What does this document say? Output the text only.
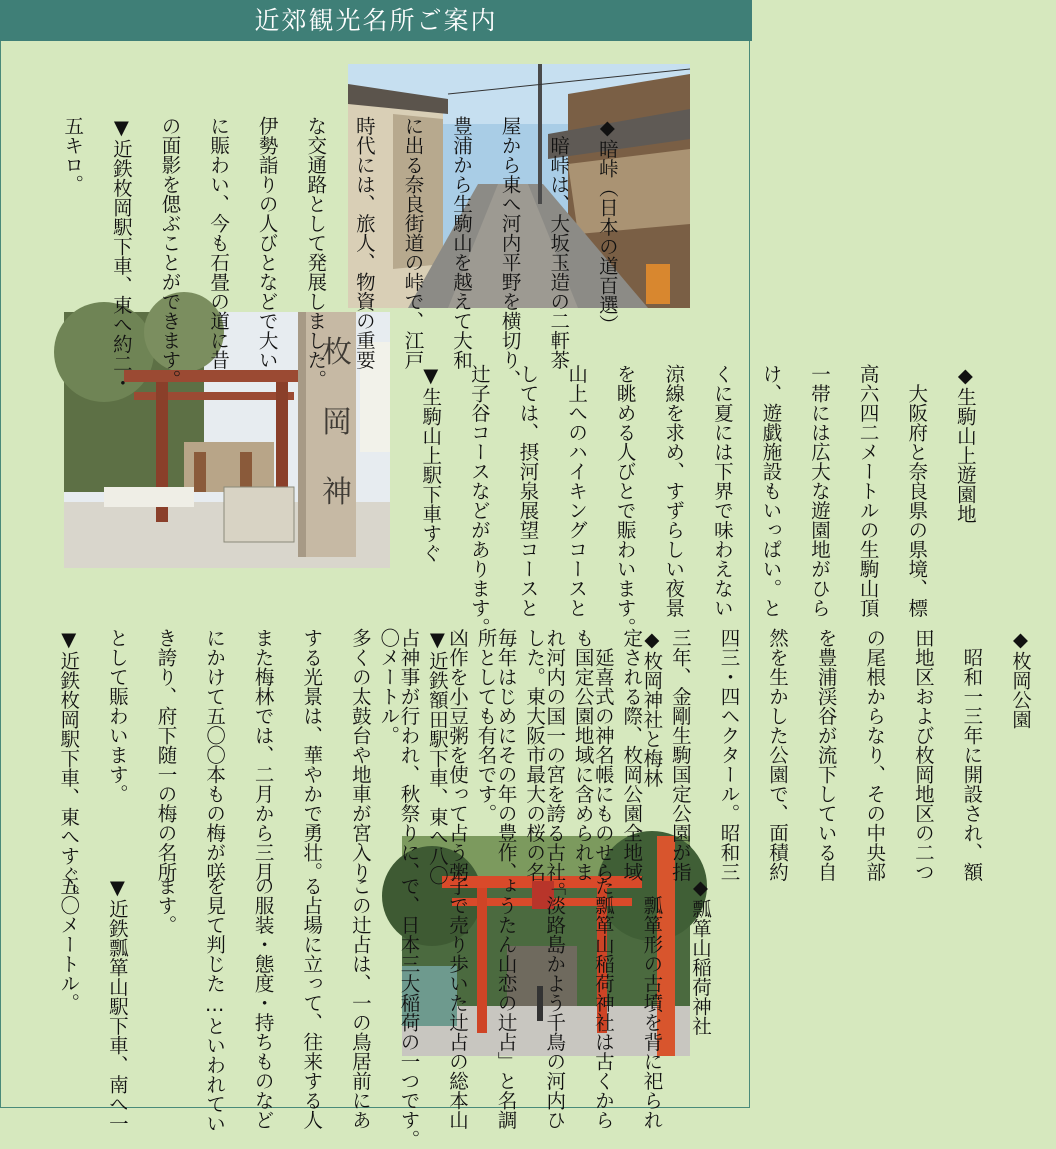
近郊観光名所ご案内
枚
岡
神

◆暗峠（日本の道百選）

　暗峠は、大坂玉造の二軒茶

屋から東へ河内平野を横切り、

豊浦から生駒山を越えて大和

に出る奈良街道の峠で、江戸

時代には、旅人、物資の重要

な交通路として発展しました。

伊勢詣りの人びとなどで大い

に賑わい、今も石畳の道に昔

の面影を偲ぶことができます。

▼近鉄枚岡駅下車、東へ約二・

五キロ。

◆生駒山上遊園地

　大阪府と奈良県の県境、標

高六四二メートルの生駒山頂

一帯には広大な遊園地がひら

け、遊戯施設もいっぱい。と

くに夏には下界で味わえない

涼線を求め、すずらしい夜景

を眺める人びとで賑わいます。

山上へのハイキングコースと

しては、摂河泉展望コースと

辻子谷コースなどがあります。

▼生駒山上駅下車すぐ

◆枚岡公園

　昭和一三年に開設され、額

田地区および枚岡地区の二つ

の尾根からなり、その中央部

を豊浦渓谷が流下している自

然を生かした公園で、面積約

四三・四ヘクタール。昭和三

三年、金剛生駒国定公園が指

定される際、枚岡公園全地域

も国定公園地域に含められま

した。東大阪市最大の桜の名

所としても有名です。

▼近鉄額田駅下車、東へ八〇

〇メートル。	◆枚岡神社と梅林

　延喜式の神名帳にものせら

れ河内の国一の宮を誇る古社。

毎年はじめにその年の豊作、

凶作を小豆粥を使って占う粥

占神事が行われ、秋祭りに、

多くの太鼓台や地車が宮入り

する光景は、華やかで勇壮。

また梅林では、二月から三月

にかけて五〇〇本もの梅が咲

き誇り、府下随一の梅の名所

として賑わいます。

▼近鉄枚岡駅下車、東へすぐ。

◆瓢箪山稲荷神社

　瓢箪形の古墳を背に祀られ

た瓢箪山稲荷神社は古くから

「淡路島かよう千鳥の河内ひ

ょうたん山恋の辻占」と名調

子で売り歩いた辻占の総本山

で、日本三大稲荷の一つです。

この辻占は、一の鳥居前にあ

る占場に立って、往来する人

の服装・態度・持ちものなど

を見て判じた…といわれてい

ます。

▼近鉄瓢箪山駅下車、南へ一

五〇メートル。
